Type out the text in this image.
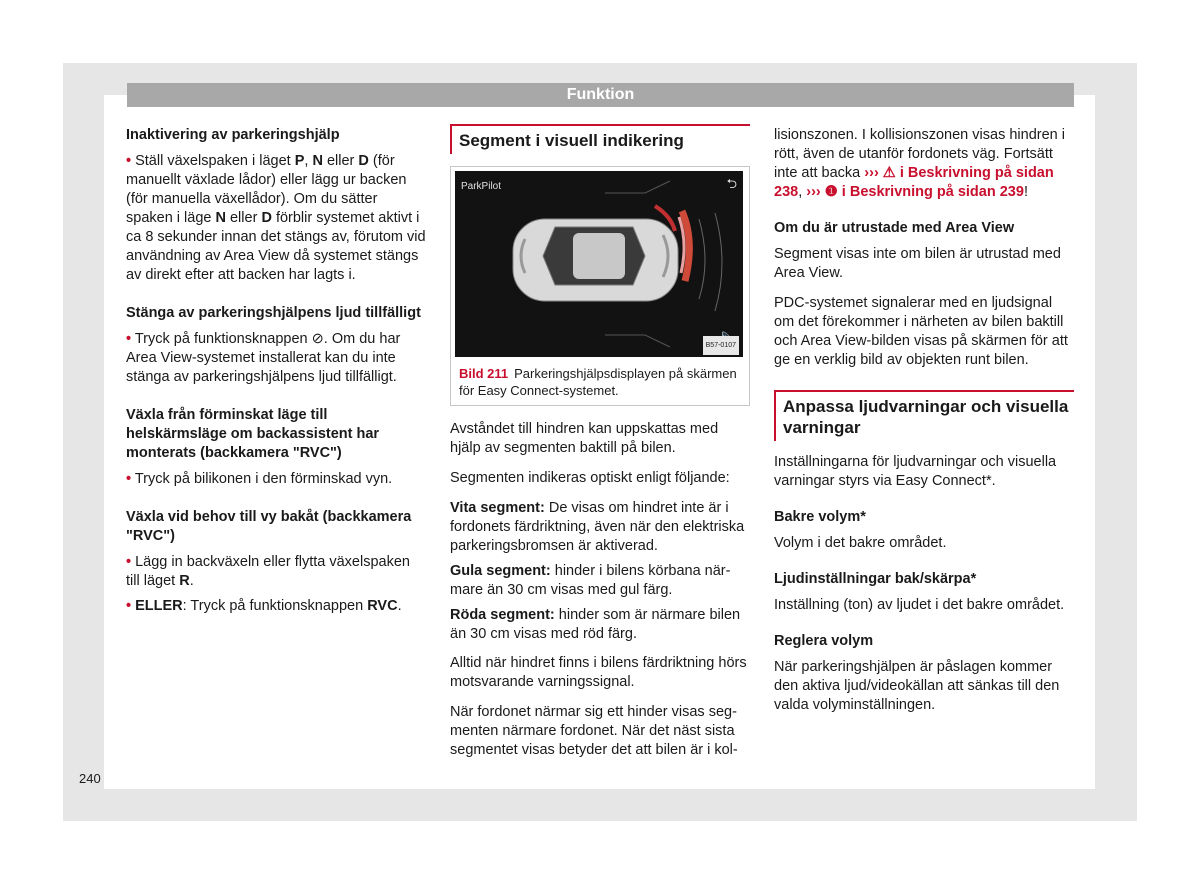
Funktion
Inaktivering av parkeringshjälp

• Ställ växelspaken i läget P, N eller D (för manuellt växlade lådor) eller lägg ur backen (för manuella växellådor). Om du sätter spaken i läge N eller D förblir systemet aktivt i ca 8 sekunder innan det stängs av, förutom vid användning av Area View då systemet stängs av direkt efter att backen har lagts i.

Stänga av parkeringshjälpens ljud tillfälligt

• Tryck på funktionsknappen ⊘. Om du har Area View-systemet installerat kan du inte stänga av parkeringshjälpens ljud tillfälligt.

Växla från förminskat läge till helskärmsläge om backassistent har monterats (backkamera "RVC")

• Tryck på bilikonen i den förminskad vyn.

Växla vid behov till vy bakåt (backkamera "RVC")

• Lägg in backväxeln eller flytta växelspaken till läget R.

• ELLER: Tryck på funktionsknappen RVC.

Segment i visuell indikering
ParkPilot	⮌
B57-0107
Bild 211 Parkeringshjälpsdisplayen på skärmen för Easy Connect-systemet.

Avståndet till hindren kan uppskattas med hjälp av segmenten baktill på bilen.

Segmenten indikeras optiskt enligt följande:

Vita segment: De visas om hindret inte är i fordonets färdriktning, även när den elektriska parkeringsbromsen är aktiverad.
Gula segment: hinder i bilens körbana närmare än 30 cm visas med gul färg.
Röda segment: hinder som är närmare bilen än 30 cm visas med röd färg.

Alltid när hindret finns i bilens färdriktning hörs motsvarande varningssignal.

När fordonet närmar sig ett hinder visas segmenten närmare fordonet. När det näst sista segmentet visas betyder det att bilen är i kol-

lisionszonen. I kollisionszonen visas hindren i rött, även de utanför fordonets väg. Fortsätt inte att backa ››› ⚠ i Beskrivning på sidan 238, ››› ❶ i Beskrivning på sidan 239!

Om du är utrustade med Area View

Segment visas inte om bilen är utrustad med Area View.

PDC-systemet signalerar med en ljudsignal om det förekommer i närheten av bilen baktill och Area View-bilden visas på skärmen för att ge en verklig bild av objekten runt bilen.

Anpassa ljudvarningar och visuella varningar

Inställningarna för ljudvarningar och visuella varningar styrs via Easy Connect*.

Bakre volym*

Volym i det bakre området.

Ljudinställningar bak/skärpa*

Inställning (ton) av ljudet i det bakre området.

Reglera volym

När parkeringshjälpen är påslagen kommer den aktiva ljud/videokällan att sänkas till den valda volyminställningen.

240
